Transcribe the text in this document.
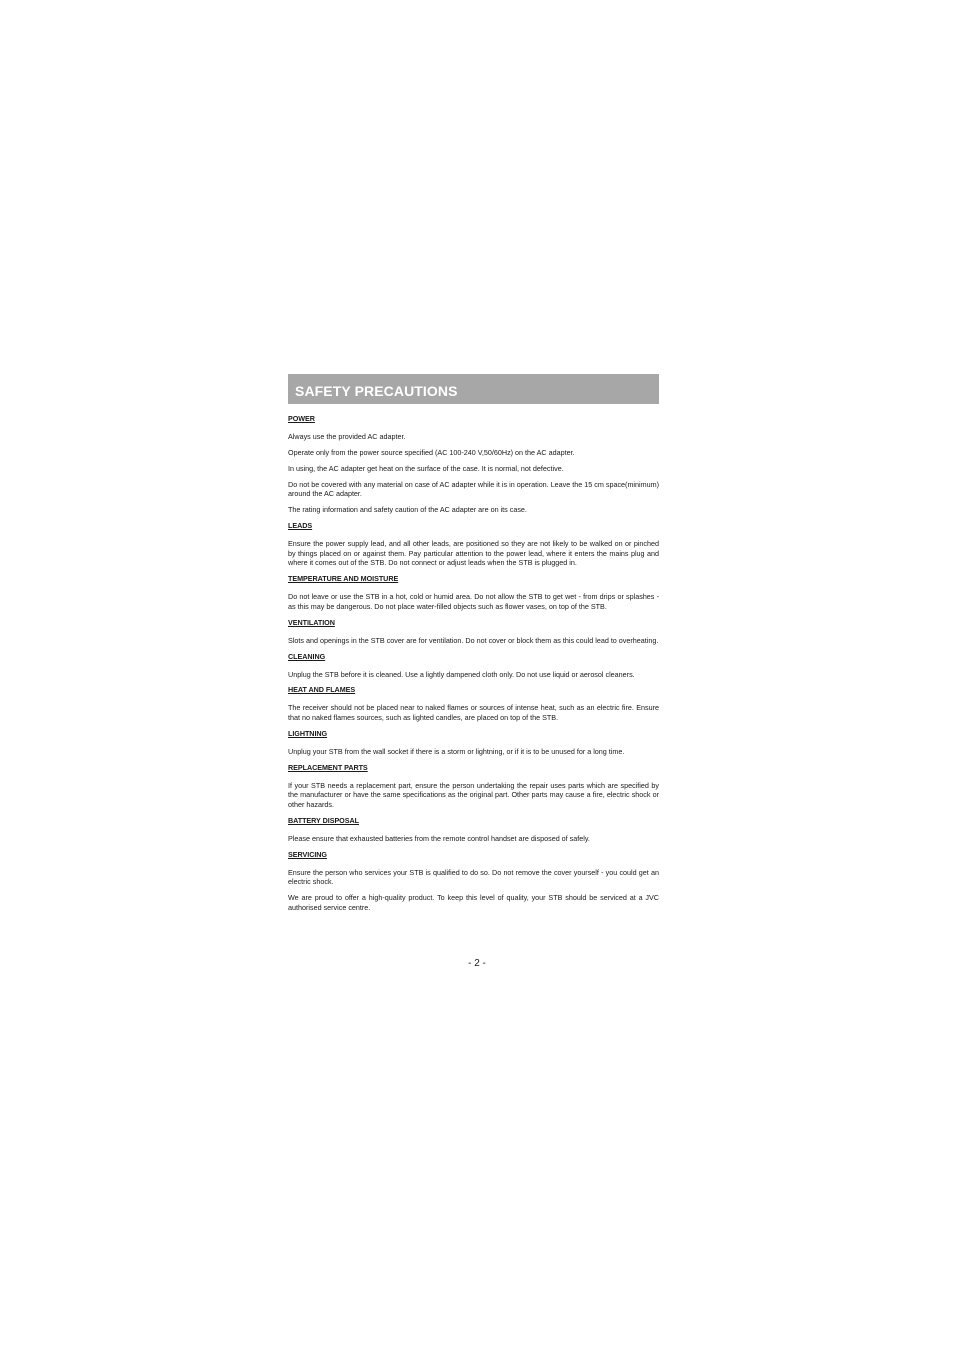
SAFETY PRECAUTIONS
POWER

Always use the provided AC adapter.

Operate only from the power source specified (AC 100-240 V,50/60Hz) on the AC adapter.

In using, the AC adapter get heat on the surface of the case. It is normal, not defective.

Do not be covered with any material on case of AC adapter while it is in operation. Leave the 15 cm space(minimum) around the AC adapter.

The rating information and safety caution of the AC adapter are on its case.

LEADS

Ensure the power supply lead, and all other leads, are positioned so they are not likely to be walked on or pinched by things placed on or against them. Pay particular attention to the power lead, where it enters the mains plug and where it comes out of the STB. Do not connect or adjust leads when the STB is plugged in.

TEMPERATURE AND MOISTURE

Do not leave or use the STB in a hot, cold or humid area. Do not allow the STB to get wet - from drips or splashes - as this may be dangerous. Do not place water-filled objects such as flower vases, on top of the STB.

VENTILATION

Slots and openings in the STB cover are for ventilation. Do not cover or block them as this could lead to overheating.

CLEANING

Unplug the STB before it is cleaned. Use a lightly dampened cloth only. Do not use liquid or aerosol cleaners.

HEAT AND FLAMES

The receiver should not be placed near to naked flames or sources of intense heat, such as an electric fire. Ensure that no naked flames sources, such as lighted candles, are placed on top of the STB.

LIGHTNING

Unplug your STB from the wall socket if there is a storm or lightning, or if it is to be unused for a long time.

REPLACEMENT PARTS

If your STB needs a replacement part, ensure the person undertaking the repair uses parts which are specified by the manufacturer or have the same specifications as the original part. Other parts may cause a fire, electric shock or other hazards.

BATTERY DISPOSAL

Please ensure that exhausted batteries from the remote control handset are disposed of safely.

SERVICING

Ensure the person who services your STB is qualified to do so. Do not remove the cover yourself - you could get an electric shock.

We are proud to offer a high-quality product. To keep this level of quality, your STB should be serviced at a JVC authorised service centre.

- 2 -
